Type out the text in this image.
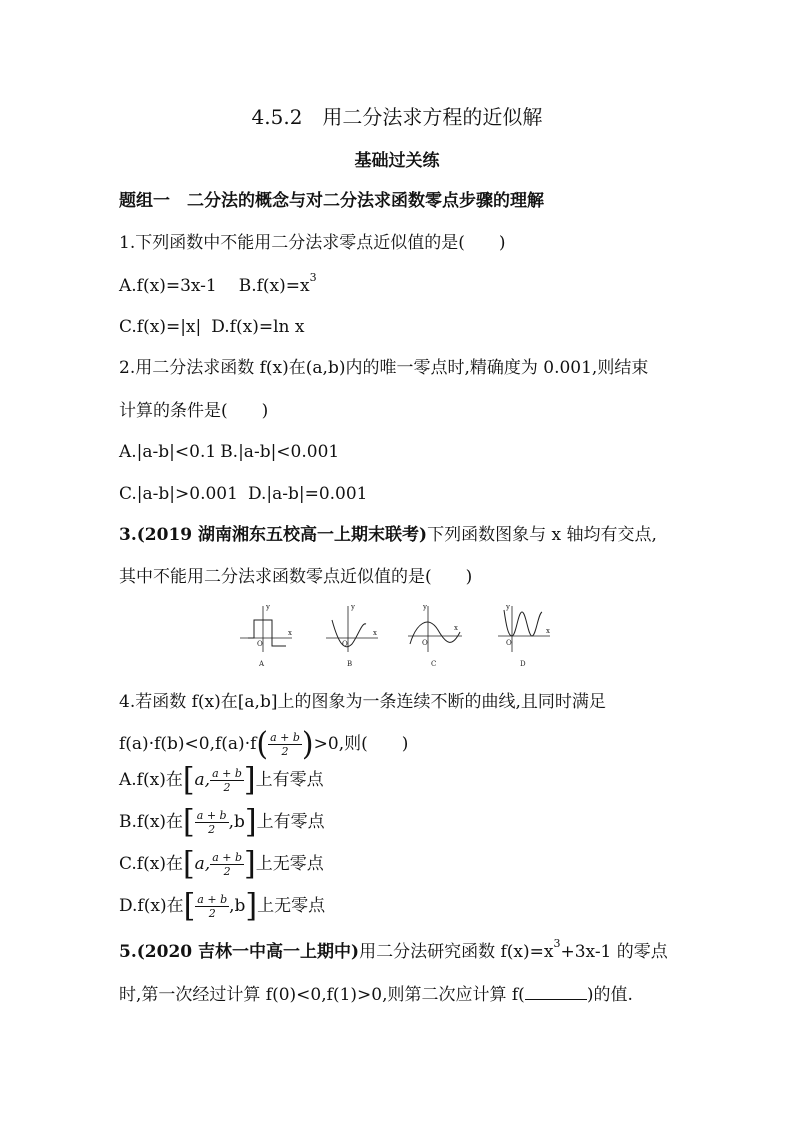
4.5.2　用二分法求方程的近似解
基础过关练
题组一　二分法的概念与对二分法求函数零点步骤的理解
1.下列函数中不能用二分法求零点近似值的是(　　)
A.f(x)=3x-1 $B.f(x)=x^3$
C.f(x)=|x| D.f(x)=ln x
2.用二分法求函数 f(x)在(a,b)内的唯一零点时,精确度为 0.001,则结束
计算的条件是(　　)
A.|a-b|<0.1 B.|a-b|<0.001
C.|a-b|>0.001 D.|a-b|=0.001
3.(2019 湖南湘东五校高一上期末联考)下列函数图象与 x 轴均有交点,
其中不能用二分法求函数零点近似值的是(　　)
y
x
O
A
y
x
O
B
y
x
O
C
y
x
O
D
4.若函数 f(x)在[a,b]上的图象为一条连续不断的曲线,且同时满足
$f(a)\cdot f(b)<0,f(a)\cdot f( \frac{a + b}{2} )>0$,则(　　)
A.f(x)在[a, $\frac{a + b}{2}$ ]上有零点
B.f(x)在[ $\frac{a + b}{2} ,b$]上有零点
C.f(x)在[a, $\frac{a + b}{2}$ ]上无零点
D.f(x)在[ $\frac{a + b}{2} ,b$]上无零点
5.(2020 吉林一中高一上期中)用二分法研究函数 $f(x)=x^3+3x-1$ 的零点
时,第一次经过计算 f(0)<0,f(1)>0,则第二次应计算 f(	)的值.
